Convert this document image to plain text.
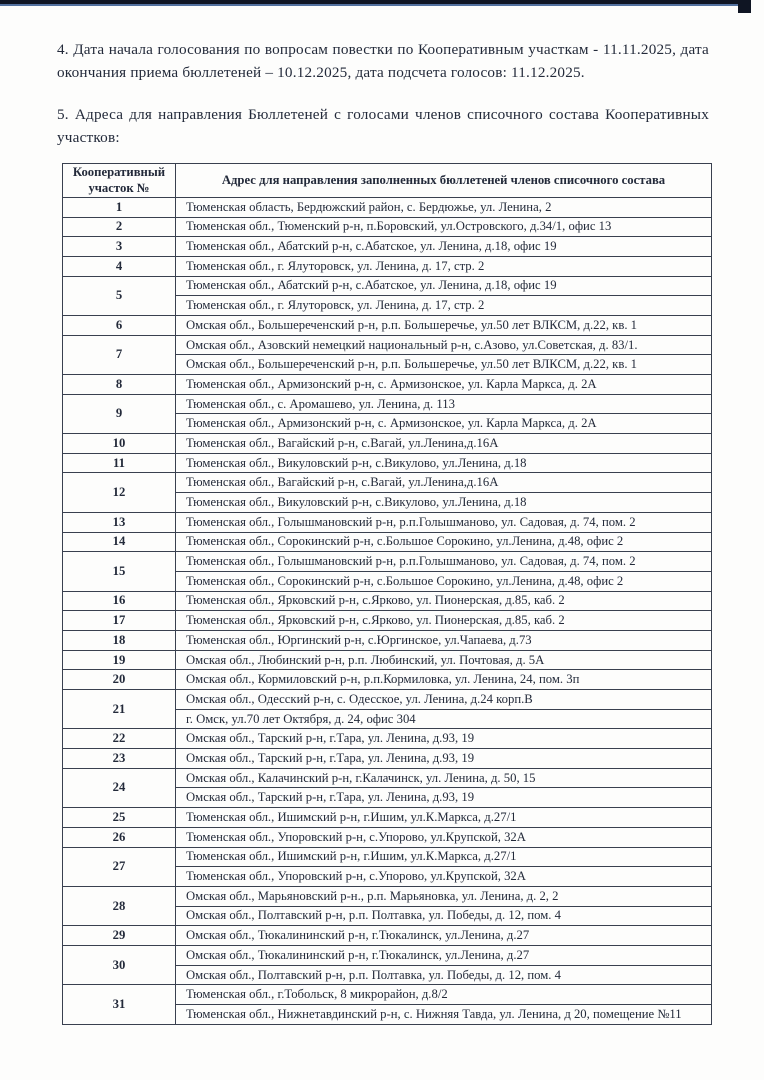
4. Дата начала голосования по вопросам повестки по Кооперативным участкам - 11.11.2025, дата окончания приема бюллетеней – 10.12.2025, дата подсчета голосов: 11.12.2025.

5. Адреса для направления Бюллетеней с голосами членов списочного состава Кооперативных участков:

Кооперативный участок №	Адрес для направления заполненных бюллетеней членов списочного состава
1	Тюменская область, Бердюжский район, с. Бердюжье, ул. Ленина, 2
2	Тюменская обл., Тюменский р-н, п.Боровский, ул.Островского, д.34/1, офис 13
3	Тюменская обл., Абатский р-н, с.Абатское, ул. Ленина, д.18, офис 19
4	Тюменская обл., г. Ялуторовск, ул. Ленина, д. 17, стр. 2
5	Тюменская обл., Абатский р-н, с.Абатское, ул. Ленина, д.18, офис 19
	Тюменская обл., г. Ялуторовск, ул. Ленина, д. 17, стр. 2
6	Омская обл., Большереченский р-н, р.п. Большеречье, ул.50 лет ВЛКСМ, д.22, кв. 1
7	Омская обл., Азовский немецкий национальный р-н, с.Азово, ул.Советская, д. 83/1.
	Омская обл., Большереченский р-н, р.п. Большеречье, ул.50 лет ВЛКСМ, д.22, кв. 1
8	Тюменская обл., Армизонский р-н, с. Армизонское, ул. Карла Маркса, д. 2А
9	Тюменская обл., с. Аромашево, ул. Ленина, д. 113
	Тюменская обл., Армизонский р-н, с. Армизонское, ул. Карла Маркса, д. 2А
10	Тюменская обл., Вагайский р-н, с.Вагай, ул.Ленина,д.16А
11	Тюменская обл., Викуловский р-н, с.Викулово, ул.Ленина, д.18
12	Тюменская обл., Вагайский р-н, с.Вагай, ул.Ленина,д.16А
	Тюменская обл., Викуловский р-н, с.Викулово, ул.Ленина, д.18
13	Тюменская обл., Голышмановский р-н, р.п.Голышманово, ул. Садовая, д. 74, пом. 2
14	Тюменская обл., Сорокинский р-н, с.Большое Сорокино, ул.Ленина, д.48, офис 2
15	Тюменская обл., Голышмановский р-н, р.п.Голышманово, ул. Садовая, д. 74, пом. 2
	Тюменская обл., Сорокинский р-н, с.Большое Сорокино, ул.Ленина, д.48, офис 2
16	Тюменская обл., Ярковский р-н, с.Ярково, ул. Пионерская, д.85, каб. 2
17	Тюменская обл., Ярковский р-н, с.Ярково, ул. Пионерская, д.85, каб. 2
18	Тюменская обл., Юргинский р-н, с.Юргинское, ул.Чапаева, д.73
19	Омская обл., Любинский р-н, р.п. Любинский, ул. Почтовая, д. 5А
20	Омская обл., Кормиловский р-н, р.п.Кормиловка, ул. Ленина, 24, пом. 3п
21	Омская обл., Одесский р-н, с. Одесское, ул. Ленина, д.24 корп.В
	г. Омск, ул.70 лет Октября, д. 24, офис 304
22	Омская обл., Тарский р-н, г.Тара, ул. Ленина, д.93, 19
23	Омская обл., Тарский р-н, г.Тара, ул. Ленина, д.93, 19
24	Омская обл., Калачинский р-н, г.Калачинск, ул. Ленина, д. 50, 15
	Омская обл., Тарский р-н, г.Тара, ул. Ленина, д.93, 19
25	Тюменская обл., Ишимский р-н, г.Ишим, ул.К.Маркса, д.27/1
26	Тюменская обл., Упоровский р-н, с.Упорово, ул.Крупской, 32А
27	Тюменская обл., Ишимский р-н, г.Ишим, ул.К.Маркса, д.27/1
	Тюменская обл., Упоровский р-н, с.Упорово, ул.Крупской, 32А
28	Омская обл., Марьяновский р-н., р.п. Марьяновка, ул. Ленина, д. 2, 2
	Омская обл., Полтавский р-н, р.п. Полтавка, ул. Победы, д. 12, пом. 4
29	Омская обл., Тюкалининский р-н, г.Тюкалинск, ул.Ленина, д.27
30	Омская обл., Тюкалининский р-н, г.Тюкалинск, ул.Ленина, д.27
	Омская обл., Полтавский р-н, р.п. Полтавка, ул. Победы, д. 12, пом. 4
31	Тюменская обл., г.Тобольск, 8 микрорайон, д.8/2
	Тюменская обл., Нижнетавдинский р-н, с. Нижняя Тавда, ул. Ленина, д 20, помещение №11
